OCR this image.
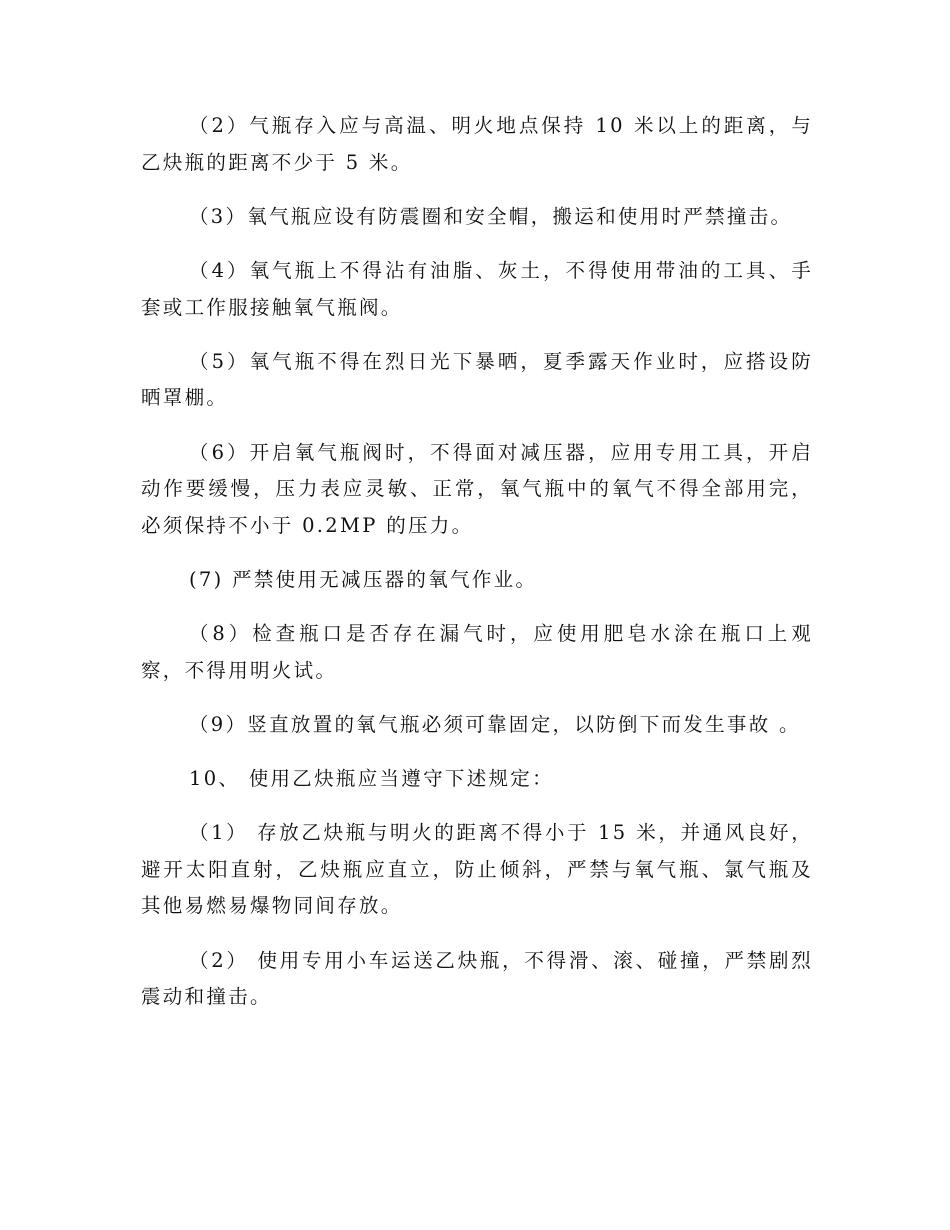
（2）气瓶存入应与高温、明火地点保持 10 米以上的距离，与乙炔瓶的距离不少于 5 米。

（3）氧气瓶应设有防震圈和安全帽，搬运和使用时严禁撞击。

（4）氧气瓶上不得沾有油脂、灰土，不得使用带油的工具、手套或工作服接触氧气瓶阀。

（5）氧气瓶不得在烈日光下暴晒，夏季露天作业时，应搭设防晒罩棚。

（6）开启氧气瓶阀时，不得面对减压器，应用专用工具，开启动作要缓慢，压力表应灵敏、正常，氧气瓶中的氧气不得全部用完，必须保持不小于 0.2MP 的压力。

(7) 严禁使用无减压器的氧气作业。

（8）检查瓶口是否存在漏气时，应使用肥皂水涂在瓶口上观察，不得用明火试。

（9）竖直放置的氧气瓶必须可靠固定，以防倒下而发生事故 。

10、 使用乙炔瓶应当遵守下述规定：

（1） 存放乙炔瓶与明火的距离不得小于 15 米，并通风良好，避开太阳直射，乙炔瓶应直立，防止倾斜，严禁与氧气瓶、氯气瓶及其他易燃易爆物同间存放。

（2） 使用专用小车运送乙炔瓶，不得滑、滚、碰撞，严禁剧烈震动和撞击。
